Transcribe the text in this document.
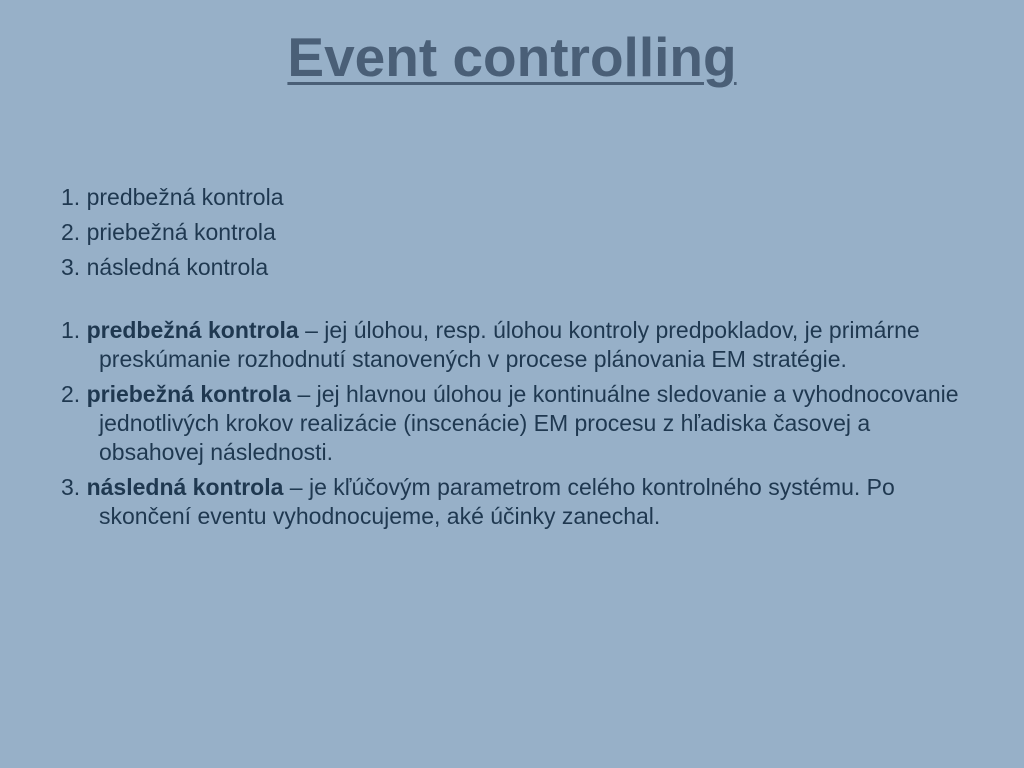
Event controlling
1. predbežná kontrola
2. priebežná kontrola
3. následná kontrola
1. predbežná kontrola – jej úlohou, resp. úlohou kontroly predpokladov, je primárne preskúmanie rozhodnutí stanovených v procese plánovania EM stratégie.
2. priebežná kontrola – jej hlavnou úlohou je kontinuálne sledovanie a vyhodnocovanie jednotlivých krokov realizácie (inscenácie) EM procesu z hľadiska časovej a obsahovej následnosti.
3. následná kontrola – je kľúčovým parametrom celého kontrolného systému. Po skončení eventu vyhodnocujeme, aké účinky zanechal.
